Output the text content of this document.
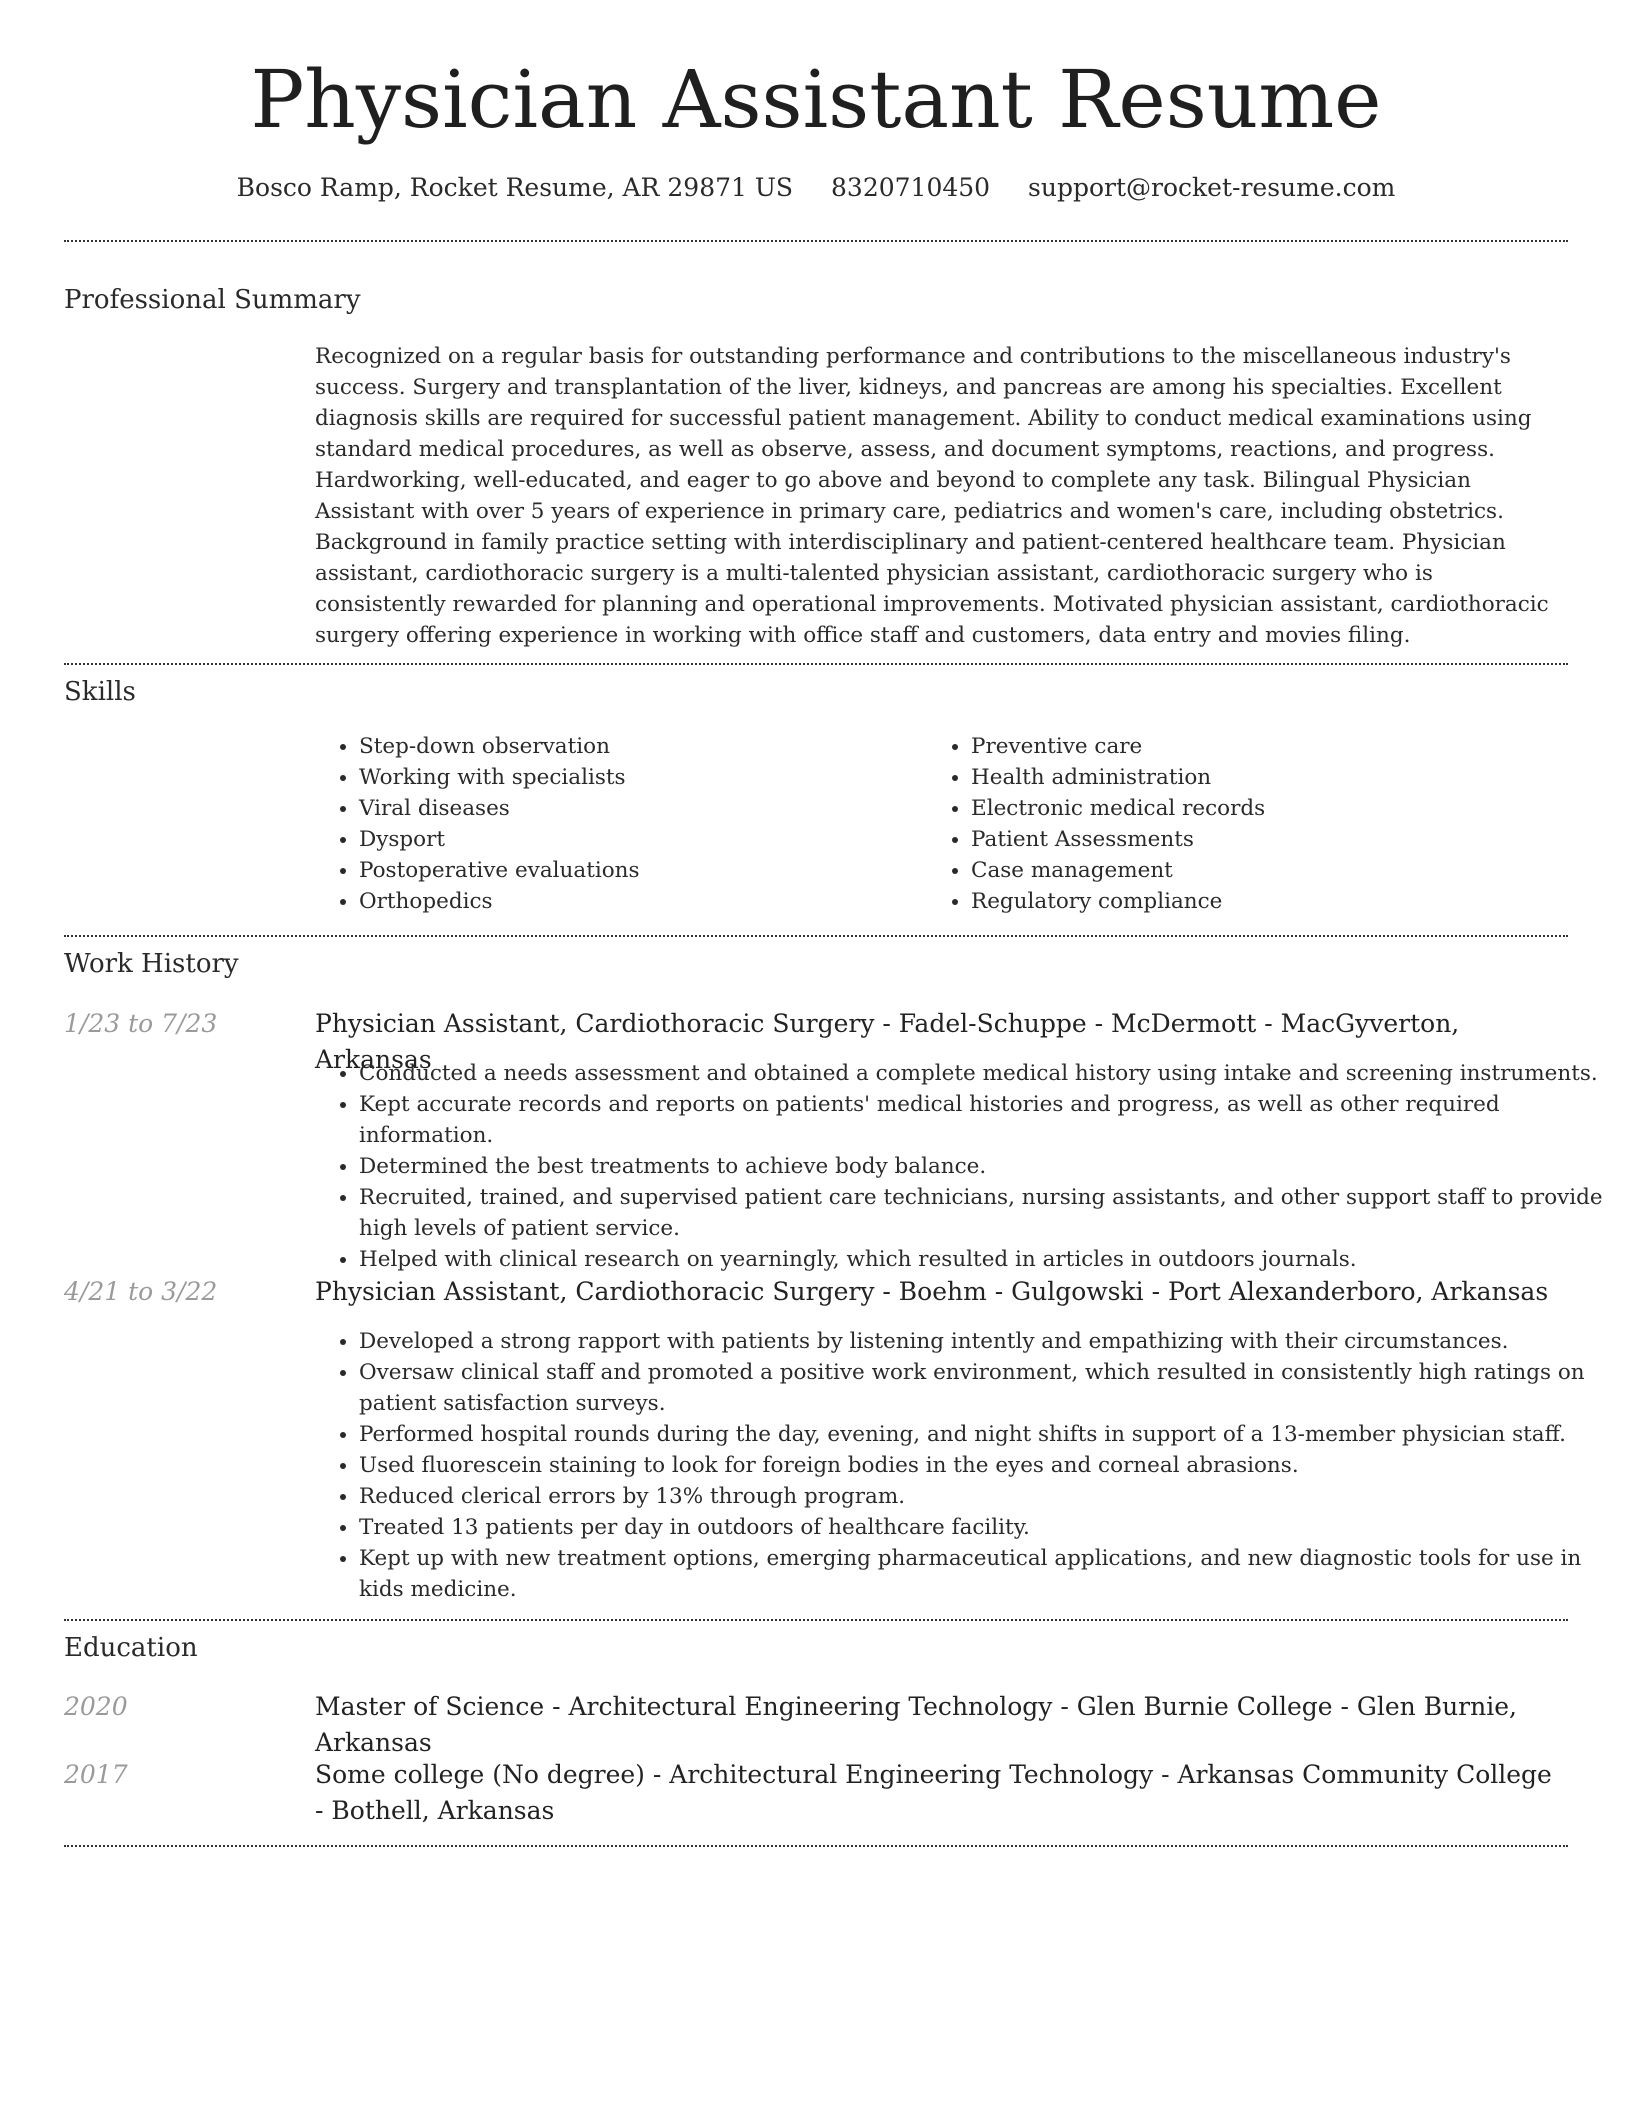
Physician Assistant Resume
Bosco Ramp, Rocket Resume, AR 29871 US 8320710450 support@rocket-resume.com
Professional Summary
Recognized on a regular basis for outstanding performance and contributions to the miscellaneous industry's success. Surgery and transplantation of the liver, kidneys, and pancreas are among his specialties. Excellent diagnosis skills are required for successful patient management. Ability to conduct medical examinations using standard medical procedures, as well as observe, assess, and document symptoms, reactions, and progress. Hardworking, well-educated, and eager to go above and beyond to complete any task. Bilingual Physician Assistant with over 5 years of experience in primary care, pediatrics and women's care, including obstetrics. Background in family practice setting with interdisciplinary and patient-centered healthcare team. Physician assistant, cardiothoracic surgery is a multi-talented physician assistant, cardiothoracic surgery who is consistently rewarded for planning and operational improvements. Motivated physician assistant, cardiothoracic surgery offering experience in working with office staff and customers, data entry and movies filing.
Skills
• Step-down observation
• Working with specialists
• Viral diseases
• Dysport
• Postoperative evaluations
• Orthopedics
• Preventive care
• Health administration
• Electronic medical records
• Patient Assessments
• Case management
• Regulatory compliance
Work History
1/23 to 7/23	Physician Assistant, Cardiothoracic Surgery - Fadel-Schuppe - McDermott - MacGyverton, Arkansas
• Conducted a needs assessment and obtained a complete medical history using intake and screening instruments.
• Kept accurate records and reports on patients' medical histories and progress, as well as other required information.
• Determined the best treatments to achieve body balance.
• Recruited, trained, and supervised patient care technicians, nursing assistants, and other support staff to provide high levels of patient service.
• Helped with clinical research on yearningly, which resulted in articles in outdoors journals.
4/21 to 3/22	Physician Assistant, Cardiothoracic Surgery - Boehm - Gulgowski - Port Alexanderboro, Arkansas
• Developed a strong rapport with patients by listening intently and empathizing with their circumstances.
• Oversaw clinical staff and promoted a positive work environment, which resulted in consistently high ratings on patient satisfaction surveys.
• Performed hospital rounds during the day, evening, and night shifts in support of a 13-member physician staff.
• Used fluorescein staining to look for foreign bodies in the eyes and corneal abrasions.
• Reduced clerical errors by 13% through program.
• Treated 13 patients per day in outdoors of healthcare facility.
• Kept up with new treatment options, emerging pharmaceutical applications, and new diagnostic tools for use in kids medicine.
Education
2020	Master of Science - Architectural Engineering Technology - Glen Burnie College - Glen Burnie, Arkansas
2017	Some college (No degree) - Architectural Engineering Technology - Arkansas Community College - Bothell, Arkansas
